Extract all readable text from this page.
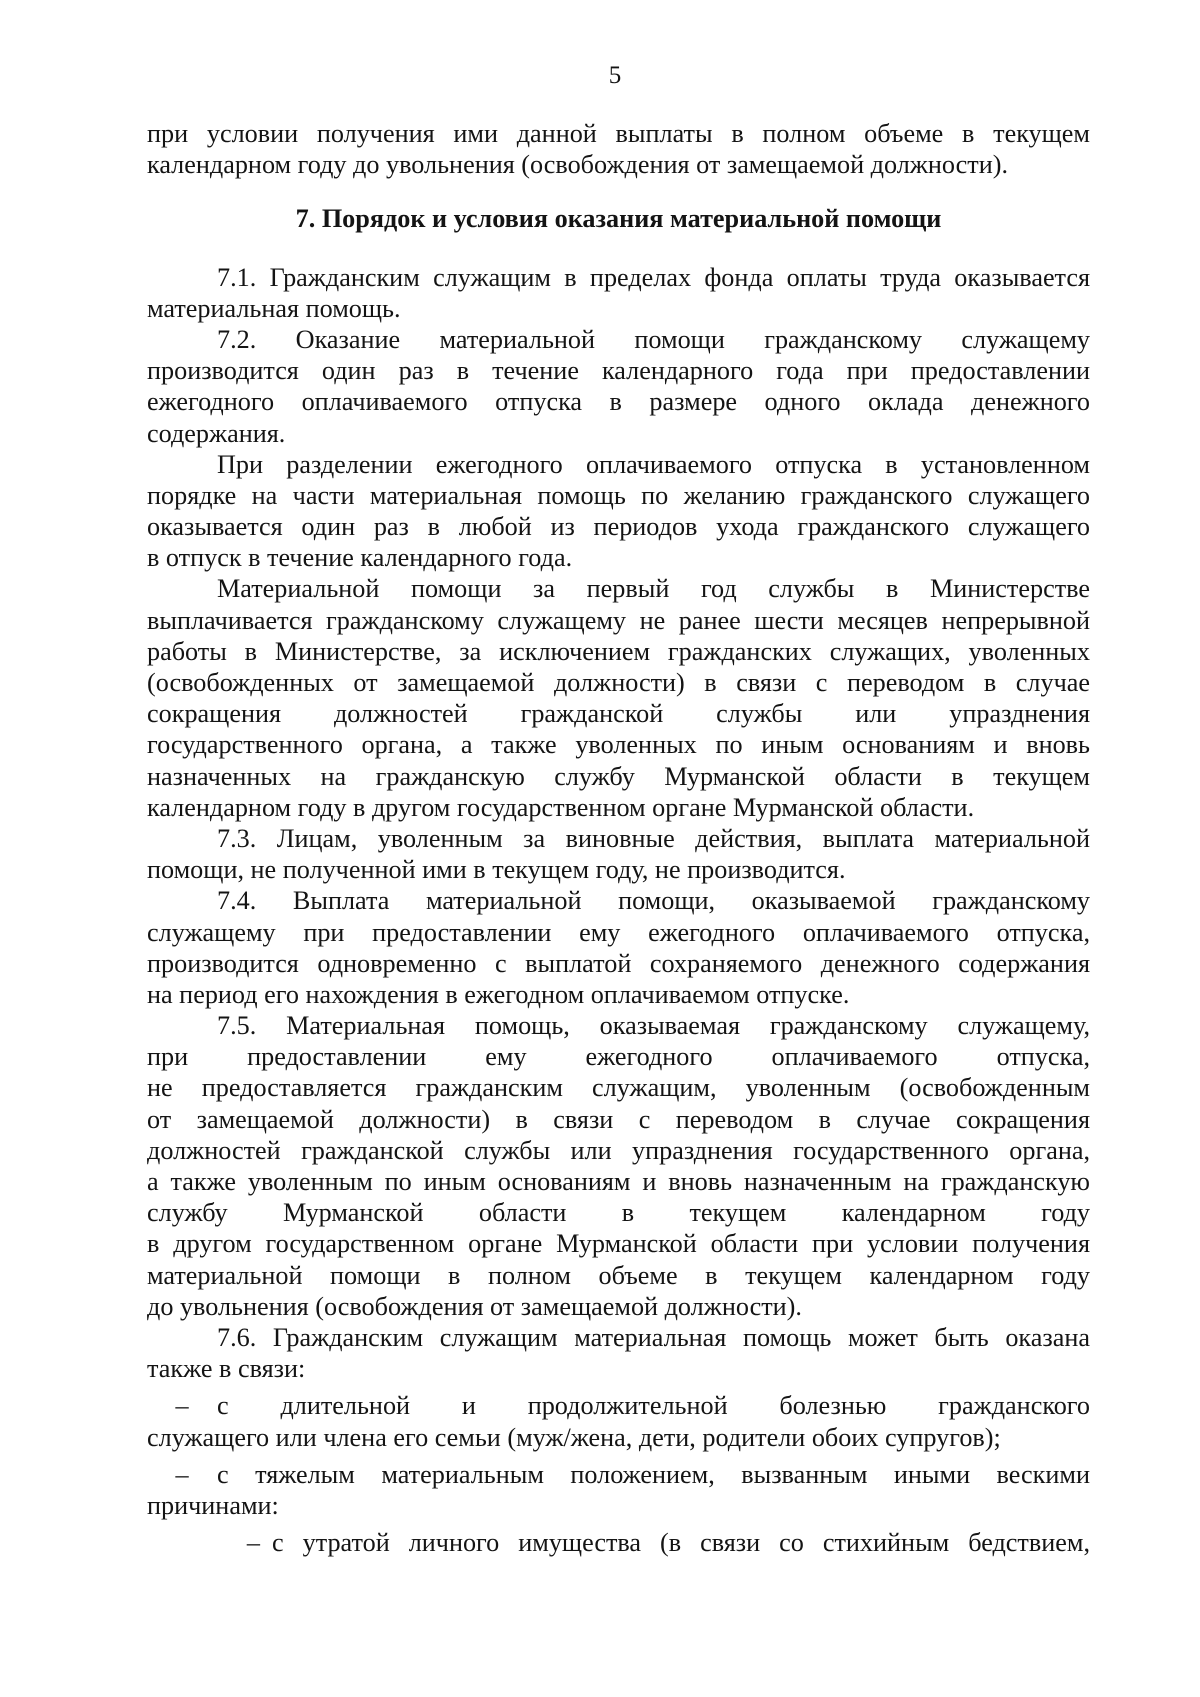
5
при условии получения ими данной выплаты в полном объеме в текущем
календарном году до увольнения (освобождения от замещаемой должности).
7. Порядок и условия оказания материальной помощи
7.1. Гражданским служащим в пределах фонда оплаты труда оказывается
материальная помощь.
7.2. Оказание материальной помощи гражданскому служащему
производится один раз в течение календарного года при предоставлении
ежегодного оплачиваемого отпуска в размере одного оклада денежного
содержания.
При разделении ежегодного оплачиваемого отпуска в установленном
порядке на части материальная помощь по желанию гражданского служащего
оказывается один раз в любой из периодов ухода гражданского служащего
в отпуск в течение календарного года.
Материальной помощи за первый год службы в Министерстве
выплачивается гражданскому служащему не ранее шести месяцев непрерывной
работы в Министерстве, за исключением гражданских служащих, уволенных
(освобожденных от замещаемой должности) в связи с переводом в случае
сокращения должностей гражданской службы или упразднения
государственного органа, а также уволенных по иным основаниям и вновь
назначенных на гражданскую службу Мурманской области в текущем
календарном году в другом государственном органе Мурманской области.
7.3. Лицам, уволенным за виновные действия, выплата материальной
помощи, не полученной ими в текущем году, не производится.
7.4. Выплата материальной помощи, оказываемой гражданскому
служащему при предоставлении ему ежегодного оплачиваемого отпуска,
производится одновременно с выплатой сохраняемого денежного содержания
на период его нахождения в ежегодном оплачиваемом отпуске.
7.5. Материальная помощь, оказываемая гражданскому служащему,
при предоставлении ему ежегодного оплачиваемого отпуска,
не предоставляется гражданским служащим, уволенным (освобожденным
от замещаемой должности) в связи с переводом в случае сокращения
должностей гражданской службы или упразднения государственного органа,
а также уволенным по иным основаниям и вновь назначенным на гражданскую
службу Мурманской области в текущем календарном году
в другом государственном органе Мурманской области при условии получения
материальной помощи в полном объеме в текущем календарном году
до увольнения (освобождения от замещаемой должности).
7.6. Гражданским служащим материальная помощь может быть оказана
также в связи:
–	с длительной и продолжительной болезнью гражданского
служащего или члена его семьи (муж/жена, дети, родители обоих супругов);
–	с тяжелым материальным положением, вызванным иными вескими
причинами:
– с утратой личного имущества (в связи со стихийным бедствием,
